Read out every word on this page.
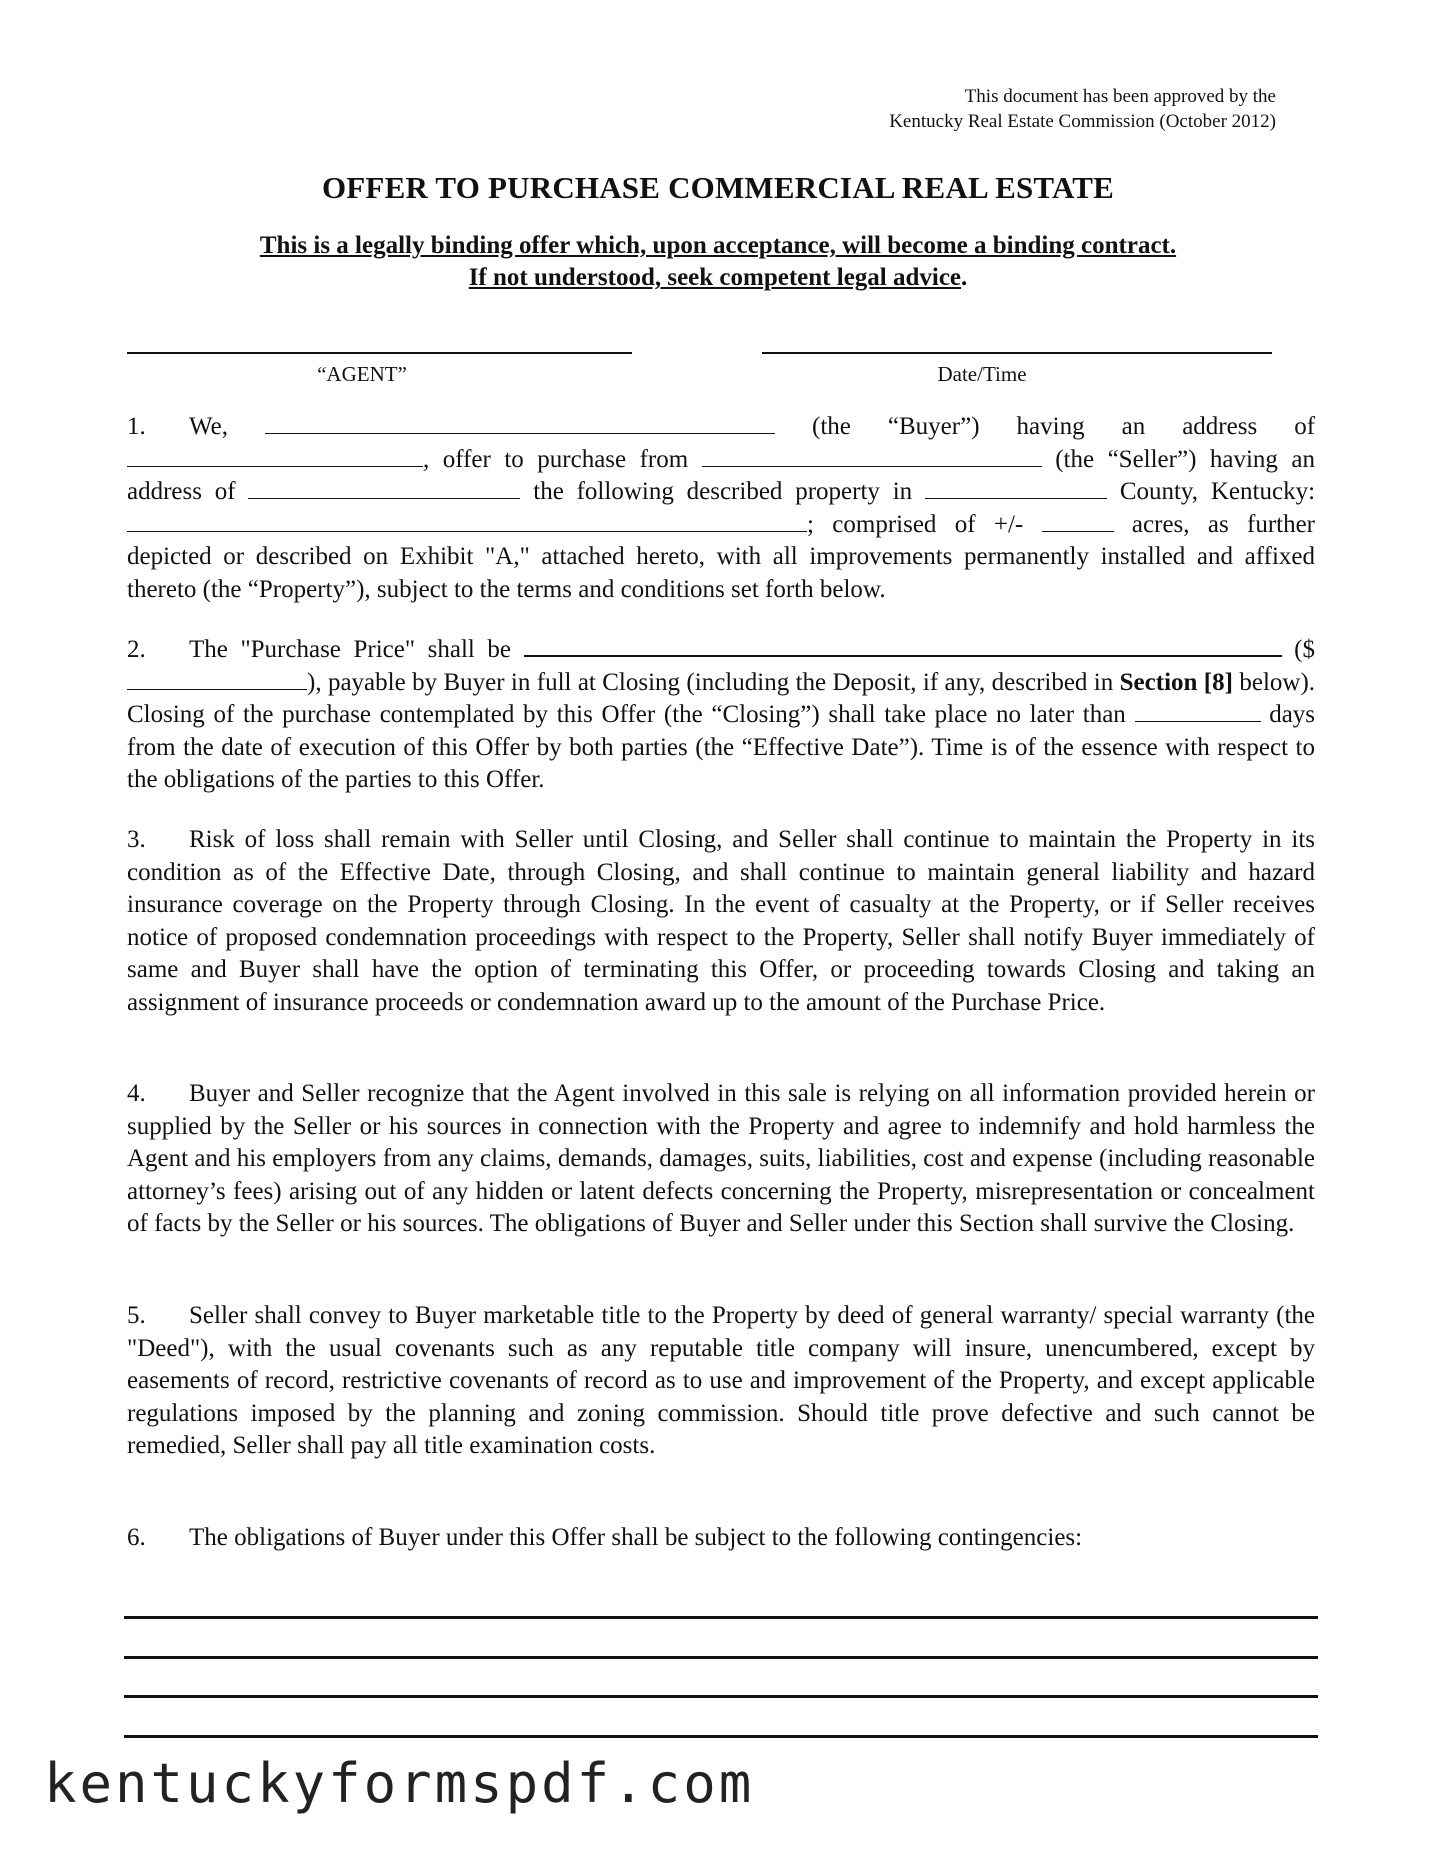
This document has been approved by the
Kentucky Real Estate Commission (October 2012)
OFFER TO PURCHASE COMMERCIAL REAL ESTATE
This is a legally binding offer which, upon acceptance, will become a binding contract.
If not understood, seek competent legal advice.
“AGENT”	Date/Time
1. We,	(the “Buyer”) having an address of , offer to purchase from	(the “Seller”) having an address of	the following described property in	County, Kentucky:; comprised of +/-	acres, as further depicted or described on Exhibit "A," attached hereto, with all improvements permanently installed and affixed thereto (the “Property”), subject to the terms and conditions set forth below.
2. The "Purchase Price" shall be	($), payable by Buyer in full at Closing (including the Deposit, if any, described in Section [8] below). Closing of the purchase contemplated by this Offer (the “Closing”) shall take place no later than	days from the date of execution of this Offer by both parties (the “Effective Date”). Time is of the essence with respect to the obligations of the parties to this Offer.
3. Risk of loss shall remain with Seller until Closing, and Seller shall continue to maintain the Property in its condition as of the Effective Date, through Closing, and shall continue to maintain general liability and hazard insurance coverage on the Property through Closing. In the event of casualty at the Property, or if Seller receives notice of proposed condemnation proceedings with respect to the Property, Seller shall notify Buyer immediately of same and Buyer shall have the option of terminating this Offer, or proceeding towards Closing and taking an assignment of insurance proceeds or condemnation award up to the amount of the Purchase Price.
4. Buyer and Seller recognize that the Agent involved in this sale is relying on all information provided herein or supplied by the Seller or his sources in connection with the Property and agree to indemnify and hold harmless the Agent and his employers from any claims, demands, damages, suits, liabilities, cost and expense (including reasonable attorney’s fees) arising out of any hidden or latent defects concerning the Property, misrepresentation or concealment of facts by the Seller or his sources. The obligations of Buyer and Seller under this Section shall survive the Closing.
5. Seller shall convey to Buyer marketable title to the Property by deed of general warranty/ special warranty (the "Deed"), with the usual covenants such as any reputable title company will insure, unencumbered, except by easements of record, restrictive covenants of record as to use and improvement of the Property, and except applicable regulations imposed by the planning and zoning commission. Should title prove defective and such cannot be remedied, Seller shall pay all title examination costs.
6. The obligations of Buyer under this Offer shall be subject to the following contingencies:
kentuckyformspdf.com
